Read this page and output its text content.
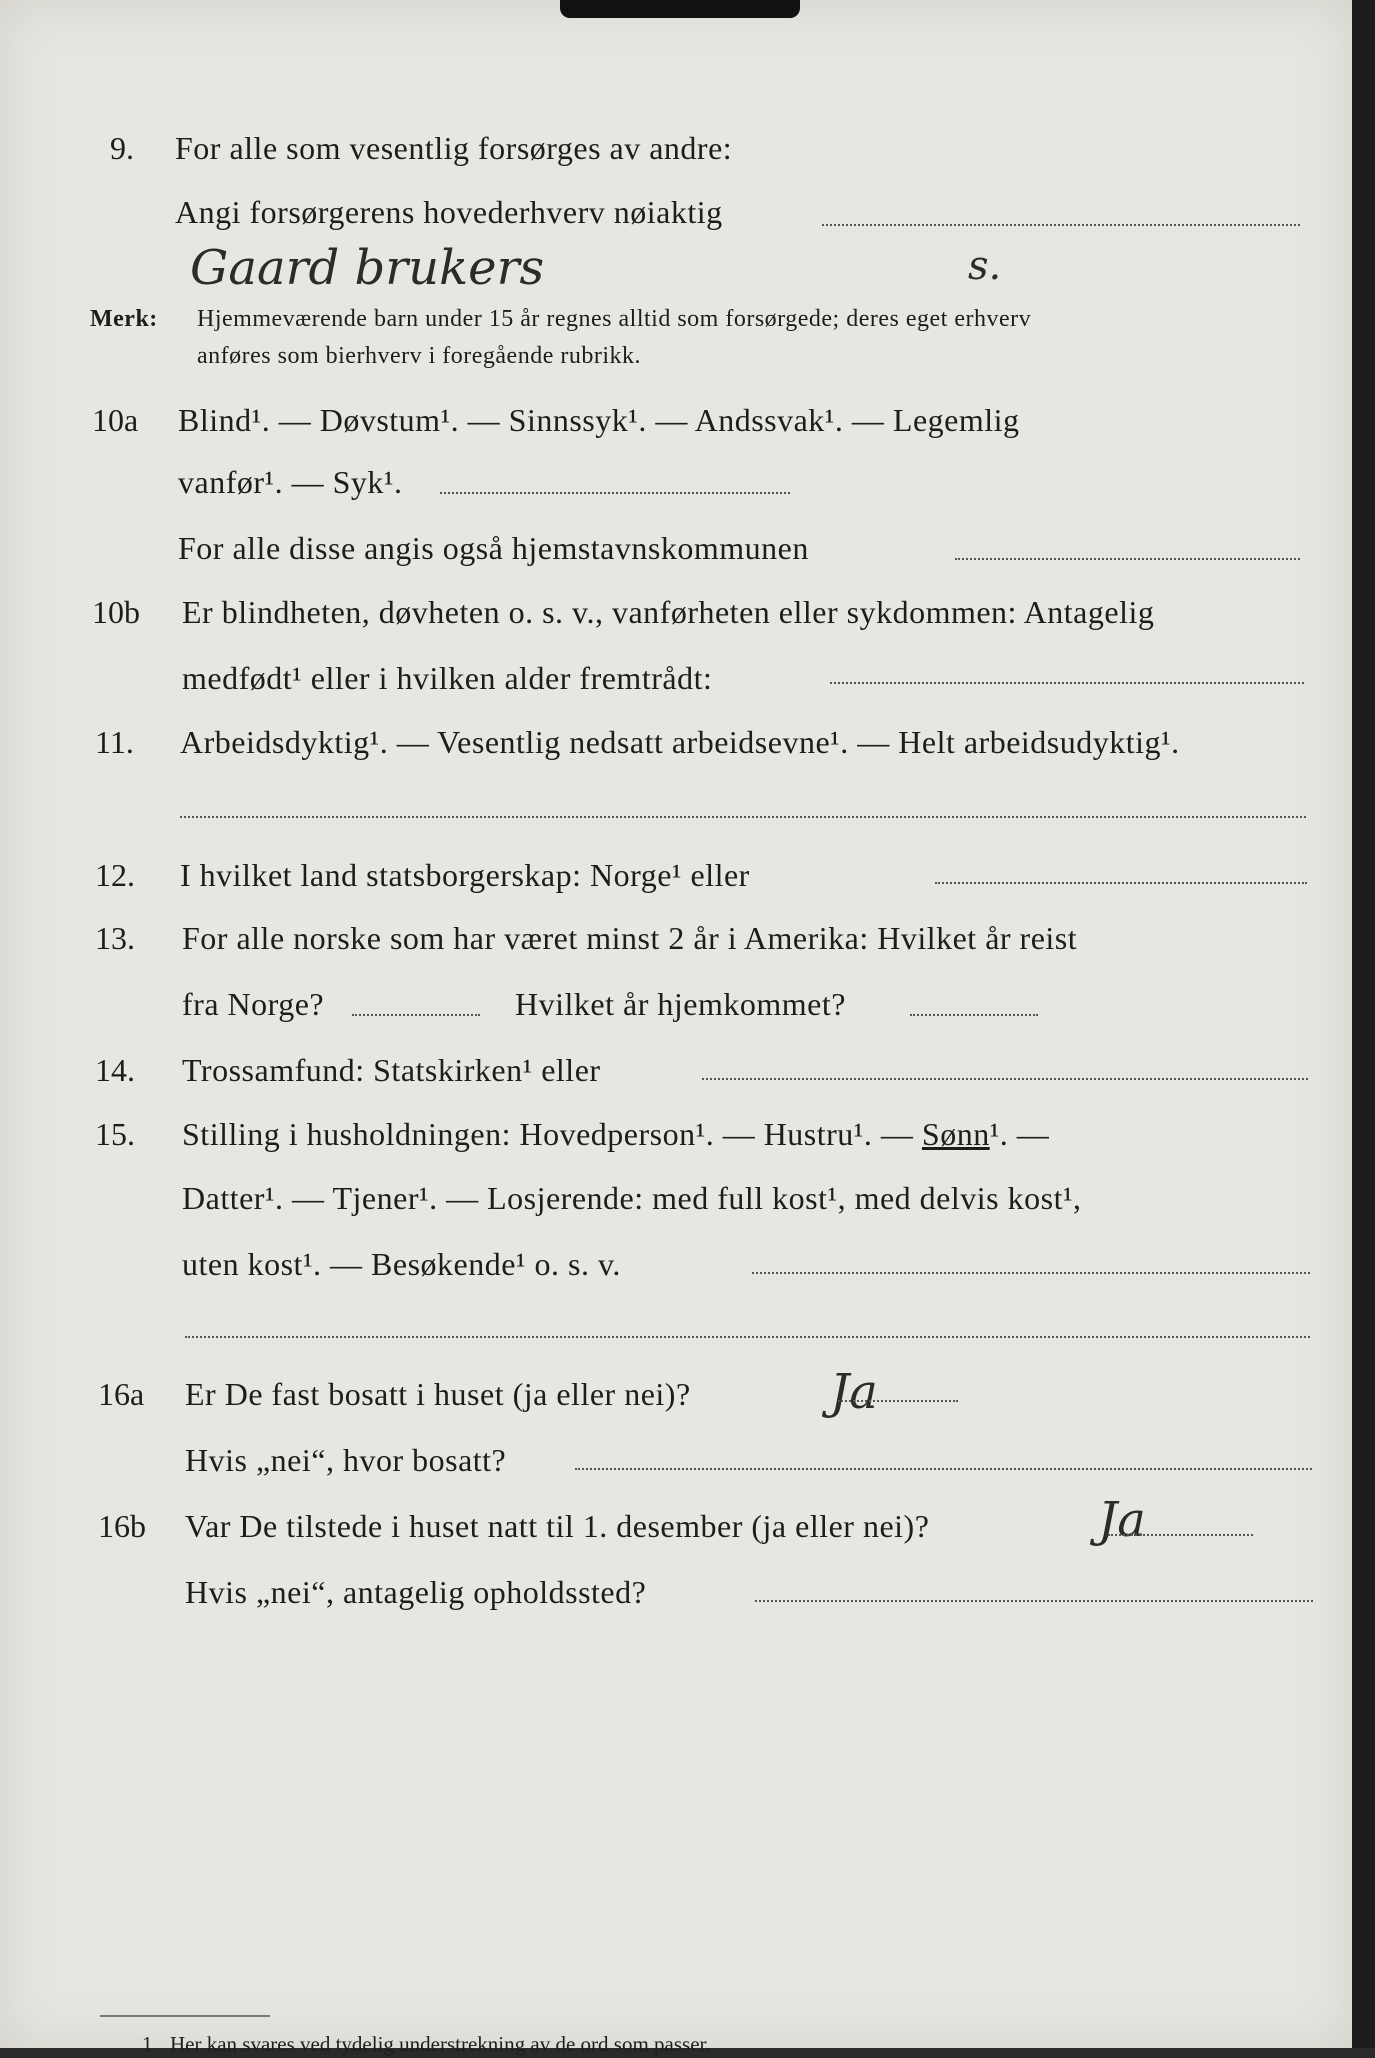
9. For alle som vesentlig forsørges av andre:
Angi forsørgerens hovederhverv nøiaktig
Gaard brukers	s.
Merk: Hjemmeværende barn under 15 år regnes alltid som forsørgede; deres eget erhverv
anføres som bierhverv i foregående rubrikk.
10a Blind¹. — Døvstum¹. — Sinnssyk¹. — Andssvak¹. — Legemlig
vanfør¹. — Syk¹.
For alle disse angis også hjemstavnskommunen
10b Er blindheten, døvheten o. s. v., vanførheten eller sykdommen: Antagelig
medfødt¹ eller i hvilken alder fremtrådt:
11. Arbeidsdyktig¹. — Vesentlig nedsatt arbeidsevne¹. — Helt arbeidsudyktig¹.
12. I hvilket land statsborgerskap: Norge¹ eller
13. For alle norske som har været minst 2 år i Amerika: Hvilket år reist
fra Norge?	Hvilket år hjemkommet?
14. Trossamfund: Statskirken¹ eller
15. Stilling i husholdningen: Hovedperson¹. — Hustru¹. — Sønn¹. —
Datter¹. — Tjener¹. — Losjerende: med full kost¹, med delvis kost¹,
uten kost¹. — Besøkende¹ o. s. v.
16a Er De fast bosatt i huset (ja eller nei)?	Ja
Hvis „nei“, hvor bosatt?
16b Var De tilstede i huset natt til 1. desember (ja eller nei)?	Ja
Hvis „nei“, antagelig opholdssted?
1 Her kan svares ved tydelig understrekning av de ord som passer.
